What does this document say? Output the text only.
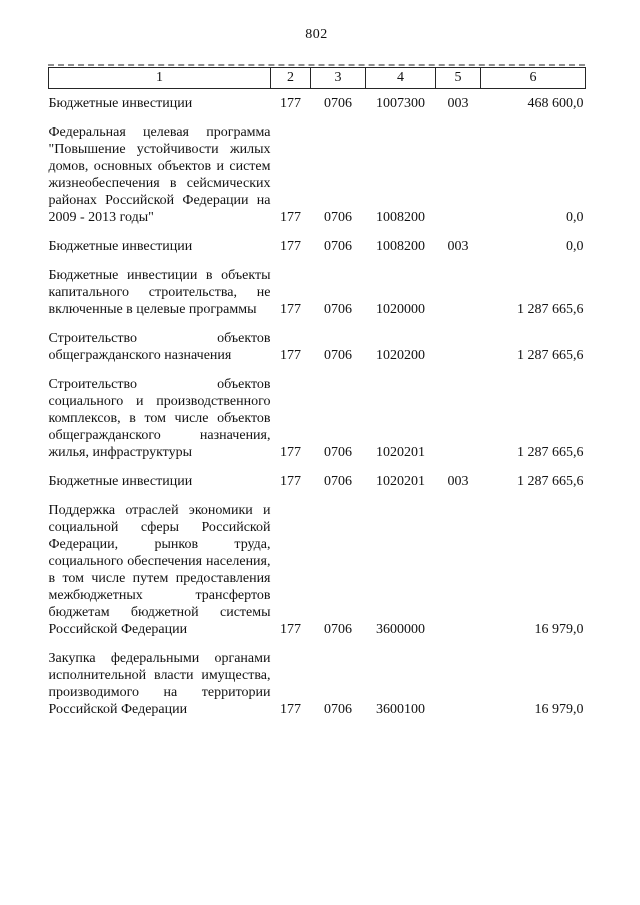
802
1	2	3	4	5	6
Бюджетные инвестиции	177	0706	1007300	003	468 600,0
Федеральная целевая программа "Повышение устойчивости жилых домов, основных объектов и систем жизнеобеспечения в сейсмических районах Российской Федерации на 2009 - 2013 годы"	177	0706	1008200		0,0
Бюджетные инвестиции	177	0706	1008200	003	0,0
Бюджетные инвестиции в объекты капитального строительства, не включенные в целевые программы	177	0706	1020000		1 287 665,6
Строительство объектов общегражданского назначения	177	0706	1020200		1 287 665,6
Строительство объектов социального и производственного комплексов, в том числе объектов общегражданского назначения, жилья, инфраструктуры	177	0706	1020201		1 287 665,6
Бюджетные инвестиции	177	0706	1020201	003	1 287 665,6
Поддержка отраслей экономики и социальной сферы Российской Федерации, рынков труда, социального обеспечения населения, в том числе путем предоставления межбюджетных трансфертов бюджетам бюджетной системы Российской Федерации	177	0706	3600000		16 979,0
Закупка федеральными органами исполнительной власти имущества, производимого на территории Российской Федерации	177	0706	3600100		16 979,0
